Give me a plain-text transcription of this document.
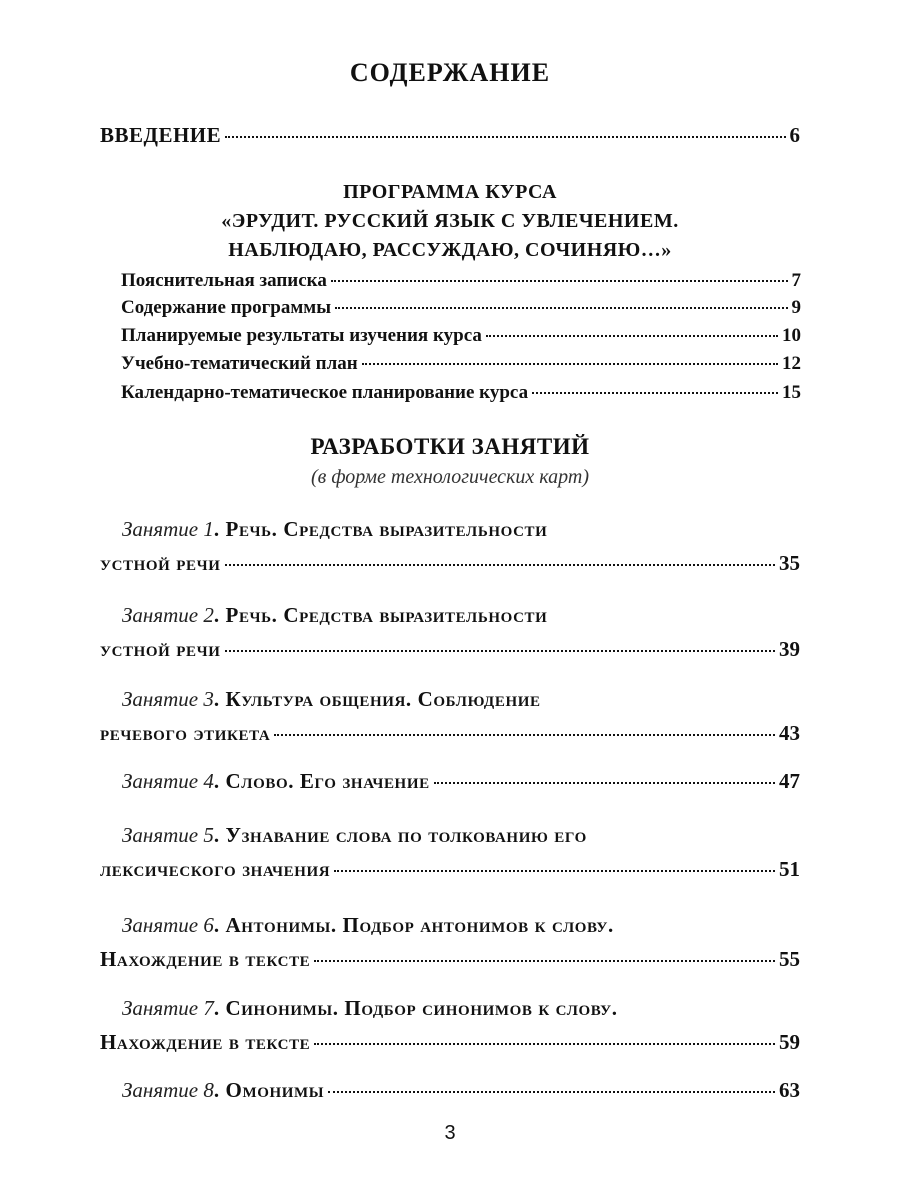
СОДЕРЖАНИЕ
ВВЕДЕНИЕ	6
ПРОГРАММА КУРСА
«ЭРУДИТ. РУССКИЙ ЯЗЫК С УВЛЕЧЕНИЕМ.
НАБЛЮДАЮ, РАССУЖДАЮ, СОЧИНЯЮ…»
Пояснительная записка	7
Содержание программы	9
Планируемые результаты изучения курса	10
Учебно-тематический план	12
Календарно-тематическое планирование курса	15
РАЗРАБОТКИ ЗАНЯТИЙ
(в форме технологических карт)
Занятие 1. Речь. Средства выразительности
устной речи	35
Занятие 2. Речь. Средства выразительности
устной речи	39
Занятие 3. Культура общения. Соблюдение
речевого этикета	43
Занятие 4. Слово. Его значение	47
Занятие 5. Узнавание слова по толкованию его
лексического значения	51
Занятие 6. Антонимы. Подбор антонимов к слову.
Нахождение в тексте	55
Занятие 7. Синонимы. Подбор синонимов к слову.
Нахождение в тексте	59
Занятие 8. Омонимы	63
3
